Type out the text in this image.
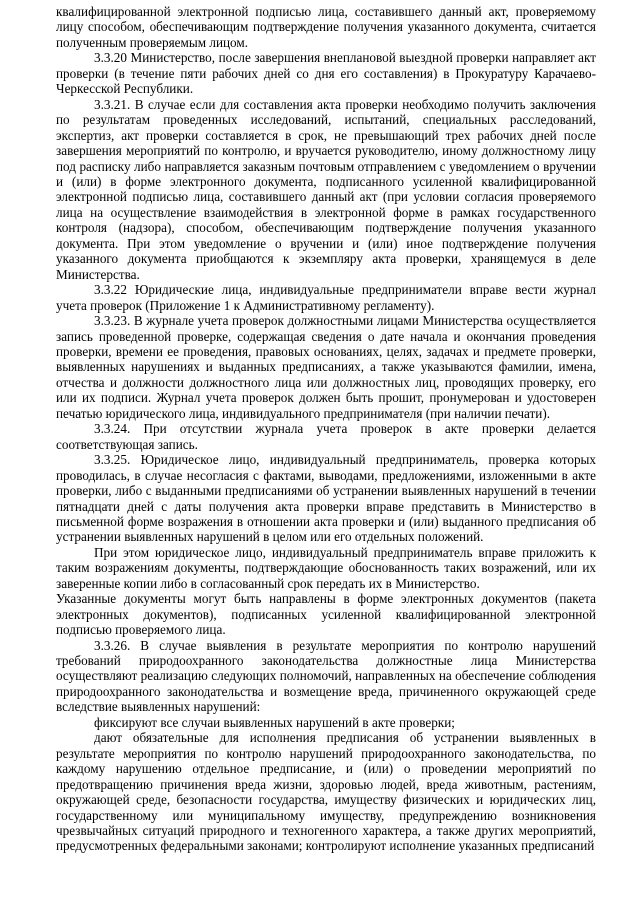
квалифицированной электронной подписью лица, составившего данный акт, проверяемому лицу способом, обеспечивающим подтверждение получения указанного документа, считается полученным проверяемым лицом.

3.3.20 Министерство, после завершения внеплановой выездной проверки направляет акт проверки (в течение пяти рабочих дней со дня его составления) в Прокуратуру Карачаево-Черкесской Республики.

3.3.21. В случае если для составления акта проверки необходимо получить заключения по результатам проведенных исследований, испытаний, специальных расследований, экспертиз, акт проверки составляется в срок, не превышающий трех рабочих дней после завершения мероприятий по контролю, и вручается руководителю, иному должностному лицу под расписку либо направляется заказным почтовым отправлением с уведомлением о вручении и (или) в форме электронного документа, подписанного усиленной квалифицированной электронной подписью лица, составившего данный акт (при условии согласия проверяемого лица на осуществление взаимодействия в электронной форме в рамках государственного контроля (надзора), способом, обеспечивающим подтверждение получения указанного документа. При этом уведомление о вручении и (или) иное подтверждение получения указанного документа приобщаются к экземпляру акта проверки, хранящемуся в деле Министерства.

3.3.22 Юридические лица, индивидуальные предприниматели вправе вести журнал учета проверок (Приложение 1 к Административному регламенту).

3.3.23. В журнале учета проверок должностными лицами Министерства осуществляется запись проведенной проверке, содержащая сведения о дате начала и окончания проведения проверки, времени ее проведения, правовых основаниях, целях, задачах и предмете проверки, выявленных нарушениях и выданных предписаниях, а также указываются фамилии, имена, отчества и должности должностного лица или должностных лиц, проводящих проверку, его или их подписи. Журнал учета проверок должен быть прошит, пронумерован и удостоверен печатью юридического лица, индивидуального предпринимателя (при наличии печати).

3.3.24. При отсутствии журнала учета проверок в акте проверки делается соответствующая запись.

3.3.25. Юридическое лицо, индивидуальный предприниматель, проверка которых проводилась, в случае несогласия с фактами, выводами, предложениями, изложенными в акте проверки, либо с выданными предписаниями об устранении выявленных нарушений в течении пятнадцати дней с даты получения акта проверки вправе представить в Министерство в письменной форме возражения в отношении акта проверки и (или) выданного предписания об устранении выявленных нарушений в целом или его отдельных положений.

При этом юридическое лицо, индивидуальный предприниматель вправе приложить к таким возражениям документы, подтверждающие обоснованность таких возражений, или их заверенные копии либо в согласованный срок передать их в Министерство.

Указанные документы могут быть направлены в форме электронных документов (пакета электронных документов), подписанных усиленной квалифицированной электронной подписью проверяемого лица.

3.3.26. В случае выявления в результате мероприятия по контролю нарушений требований природоохранного законодательства должностные лица Министерства осуществляют реализацию следующих полномочий, направленных на обеспечение соблюдения природоохранного законодательства и возмещение вреда, причиненного окружающей среде вследствие выявленных нарушений:

фиксируют все случаи выявленных нарушений в акте проверки;

дают обязательные для исполнения предписания об устранении выявленных в результате мероприятия по контролю нарушений природоохранного законодательства, по каждому нарушению отдельное предписание, и (или) о проведении мероприятий по предотвращению причинения вреда жизни, здоровью людей, вреда животным, растениям, окружающей среде, безопасности государства, имуществу физических и юридических лиц, государственному или муниципальному имуществу, предупреждению возникновения чрезвычайных ситуаций природного и техногенного характера, а также других мероприятий, предусмотренных федеральными законами; контролируют исполнение указанных предписаний
